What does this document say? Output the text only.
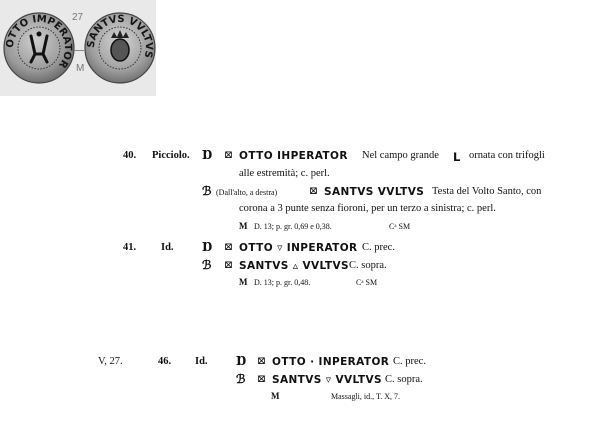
OTTO IMPERATOR
27
M
SANTVS VVLTVS
40. Picciolo. Ɒ ⊠ OTTO IHPERATOR Nel campo grande L ornata con trifogli
alle estremità; c. perl.
ℬ (Dall'alto, a destra)	⊠ SANTVS VVLTVS Testa del Volto Santo, con
corona a 3 punte senza fioroni, per un terzo a sinistra; c. perl.
M D. 13; p. gr. 0,69 e 0,38.	Cᵃ SM
41. Id. Ɒ ⊠ OTTO ▿ INPERATOR C. prec.
ℬ ⊠ SANTVS ▵ VVLTVS C. sopra.
M D. 13; p. gr. 0,48.	Cᵃ SM
V, 27.	46. Id. Ɒ ⊠ OTTO · INPERATOR C. prec.
ℬ ⊠ SANTVS ▿ VVLTVS C. sopra.
M	Massagli, id., T. X, 7.
